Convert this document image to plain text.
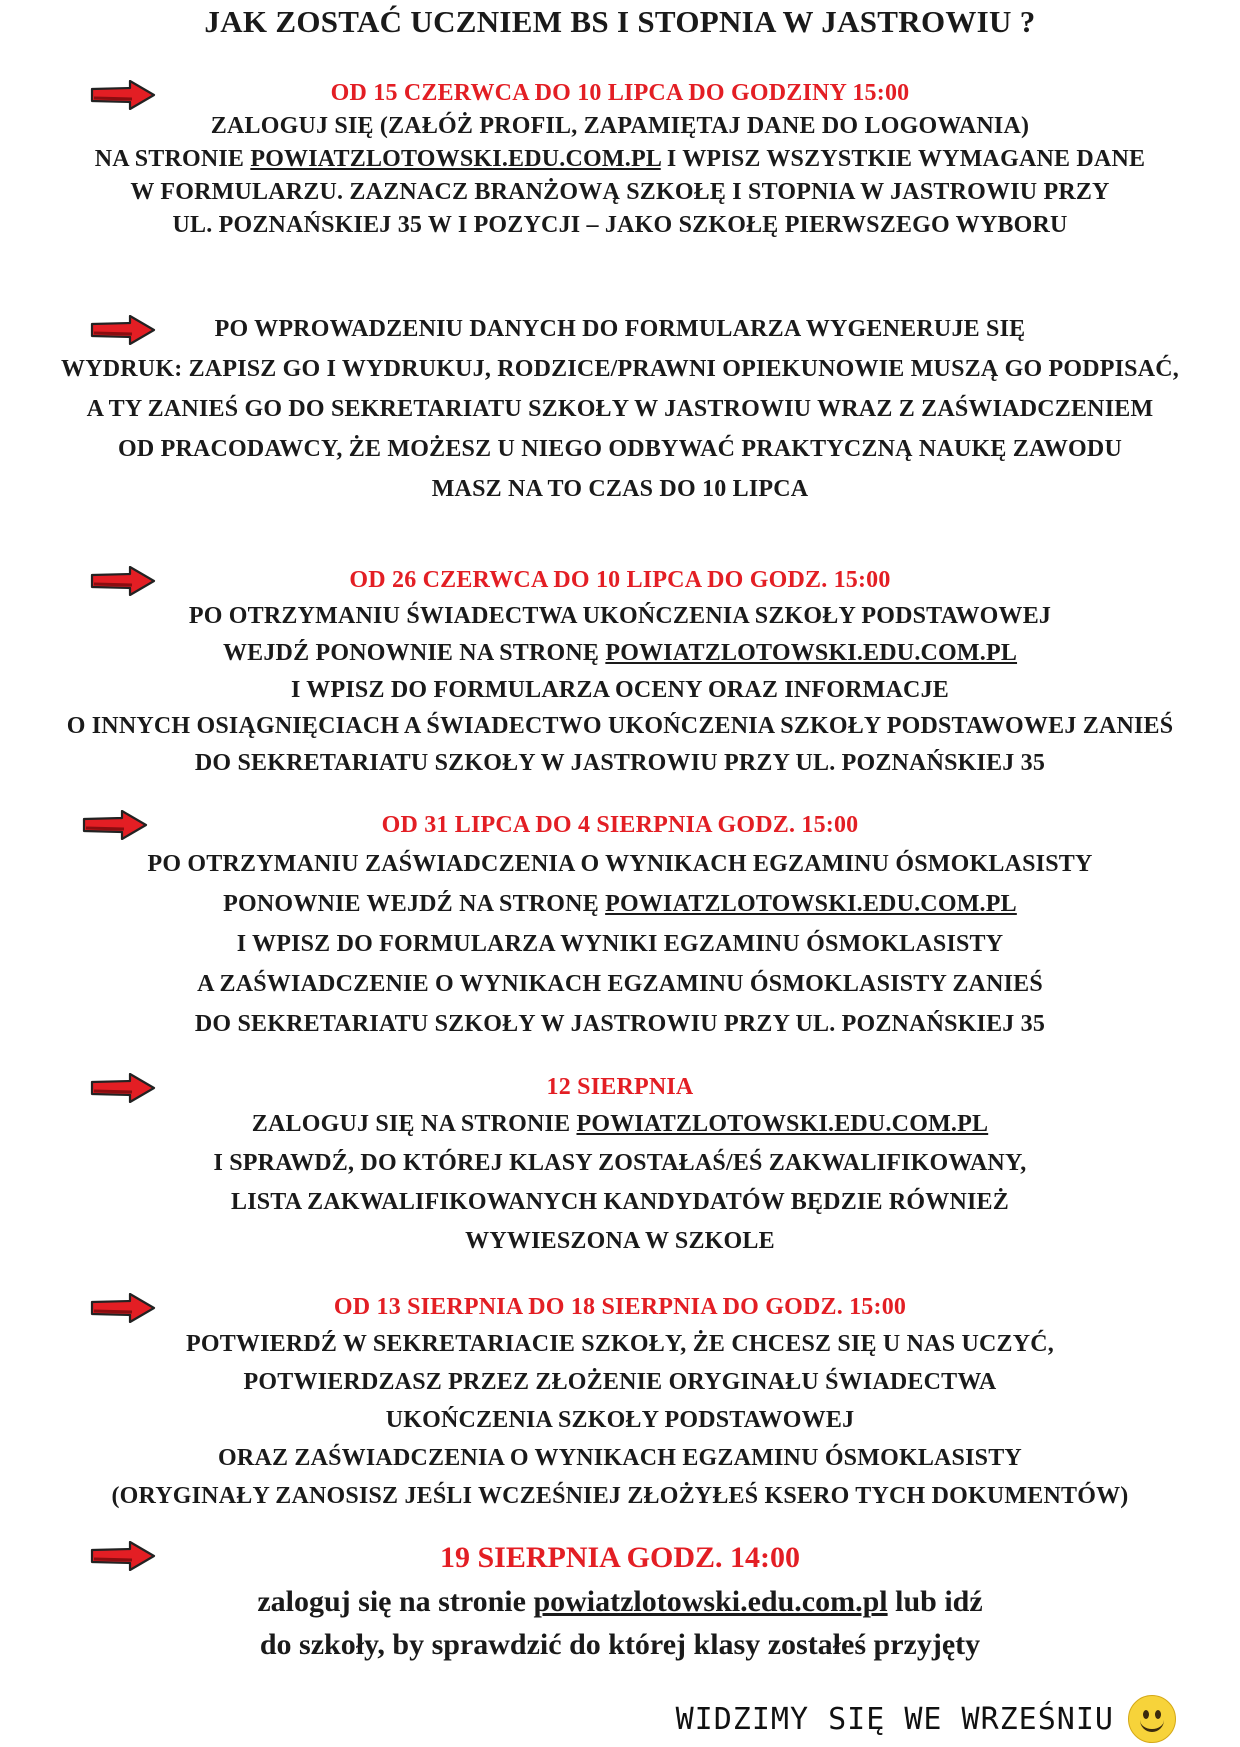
JAK ZOSTAĆ UCZNIEM BS I STOPNIA W JASTROWIU ?
OD 15 CZERWCA DO 10 LIPCA DO GODZINY 15:00
ZALOGUJ SIĘ (ZAŁÓŻ PROFIL, ZAPAMIĘTAJ DANE DO LOGOWANIA)
NA STRONIE POWIATZLOTOWSKI.EDU.COM.PL I WPISZ WSZYSTKIE WYMAGANE DANE
W FORMULARZU. ZAZNACZ BRANŻOWĄ SZKOŁĘ I STOPNIA W JASTROWIU PRZY
UL. POZNAŃSKIEJ 35 W I POZYCJI – JAKO SZKOŁĘ PIERWSZEGO WYBORU
PO WPROWADZENIU DANYCH DO FORMULARZA WYGENERUJE SIĘ
WYDRUK: ZAPISZ GO I WYDRUKUJ, RODZICE/PRAWNI OPIEKUNOWIE MUSZĄ GO PODPISAĆ,
A TY ZANIEŚ GO DO SEKRETARIATU SZKOŁY W JASTROWIU WRAZ Z ZAŚWIADCZENIEM
OD PRACODAWCY, ŻE MOŻESZ U NIEGO ODBYWAĆ PRAKTYCZNĄ NAUKĘ ZAWODU
MASZ NA TO CZAS DO 10 LIPCA
OD 26 CZERWCA DO 10 LIPCA DO GODZ. 15:00
PO OTRZYMANIU ŚWIADECTWA UKOŃCZENIA SZKOŁY PODSTAWOWEJ
WEJDŹ PONOWNIE NA STRONĘ POWIATZLOTOWSKI.EDU.COM.PL
I WPISZ DO FORMULARZA OCENY ORAZ INFORMACJE
O INNYCH OSIĄGNIĘCIACH A ŚWIADECTWO UKOŃCZENIA SZKOŁY PODSTAWOWEJ ZANIEŚ
DO SEKRETARIATU SZKOŁY W JASTROWIU PRZY UL. POZNAŃSKIEJ 35
OD 31 LIPCA DO 4 SIERPNIA GODZ. 15:00
PO OTRZYMANIU ZAŚWIADCZENIA O WYNIKACH EGZAMINU ÓSMOKLASISTY
PONOWNIE WEJDŹ NA STRONĘ POWIATZLOTOWSKI.EDU.COM.PL
I WPISZ DO FORMULARZA WYNIKI EGZAMINU ÓSMOKLASISTY
A ZAŚWIADCZENIE O WYNIKACH EGZAMINU ÓSMOKLASISTY ZANIEŚ
DO SEKRETARIATU SZKOŁY W JASTROWIU PRZY UL. POZNAŃSKIEJ 35
12 SIERPNIA
ZALOGUJ SIĘ NA STRONIE POWIATZLOTOWSKI.EDU.COM.PL
I SPRAWDŹ, DO KTÓREJ KLASY ZOSTAŁAŚ/EŚ ZAKWALIFIKOWANY,
LISTA ZAKWALIFIKOWANYCH KANDYDATÓW BĘDZIE RÓWNIEŻ
WYWIESZONA W SZKOLE
OD 13 SIERPNIA DO 18 SIERPNIA DO GODZ. 15:00
POTWIERDŹ W SEKRETARIACIE SZKOŁY, ŻE CHCESZ SIĘ U NAS UCZYĆ,
POTWIERDZASZ PRZEZ ZŁOŻENIE ORYGINAŁU ŚWIADECTWA
UKOŃCZENIA SZKOŁY PODSTAWOWEJ
ORAZ ZAŚWIADCZENIA O WYNIKACH EGZAMINU ÓSMOKLASISTY
(ORYGINAŁY ZANOSISZ JEŚLI WCZEŚNIEJ ZŁOŻYŁEŚ KSERO TYCH DOKUMENTÓW)
19 SIERPNIA GODZ. 14:00
zaloguj się na stronie powiatzlotowski.edu.com.pl lub idź
do szkoły, by sprawdzić do której klasy zostałeś przyjęty
WIDZIMY SIĘ WE WRZEŚNIU
